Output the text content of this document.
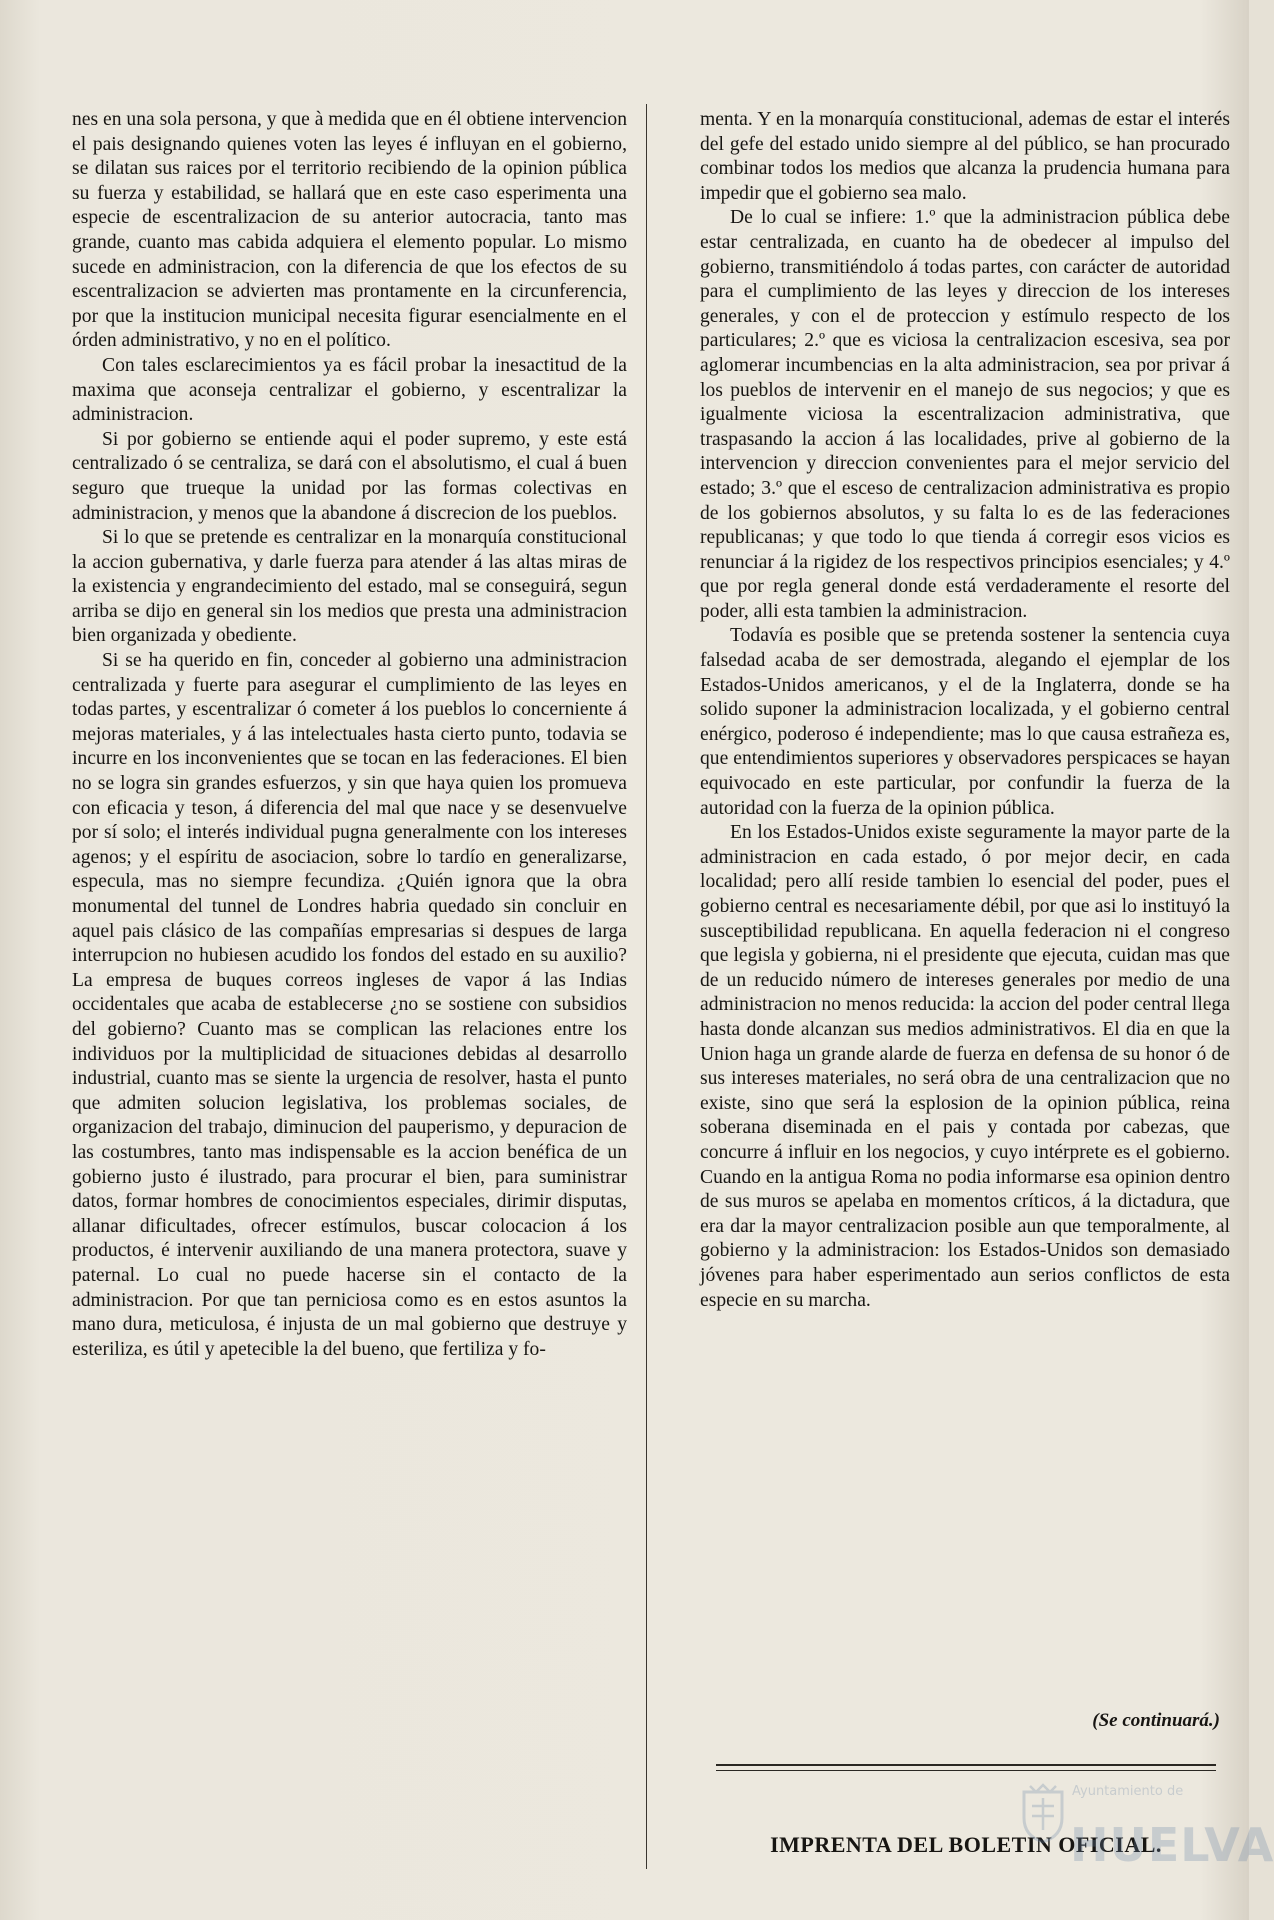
nes en una sola persona, y que à medida que en él obtiene intervencion el pais designando quienes voten las leyes é influyan en el gobierno, se dilatan sus raices por el territorio recibiendo de la opinion pública su fuerza y estabilidad, se hallará que en este caso esperimenta una especie de escentralizacion de su anterior autocracia, tanto mas grande, cuanto mas cabida adquiera el elemento popular. Lo mismo sucede en administracion, con la diferencia de que los efectos de su escentralizacion se advierten mas prontamente en la circunferencia, por que la institucion municipal necesita figurar esencialmente en el órden administrativo, y no en el político.

Con tales esclarecimientos ya es fácil probar la inesactitud de la maxima que aconseja centralizar el gobierno, y escentralizar la administracion.

Si por gobierno se entiende aqui el poder supremo, y este está centralizado ó se centraliza, se dará con el absolutismo, el cual á buen seguro que trueque la unidad por las formas colectivas en administracion, y menos que la abandone á discrecion de los pueblos.

Si lo que se pretende es centralizar en la monarquía constitucional la accion gubernativa, y darle fuerza para atender á las altas miras de la existencia y engrandecimiento del estado, mal se conseguirá, segun arriba se dijo en general sin los medios que presta una administracion bien organizada y obediente.

Si se ha querido en fin, conceder al gobierno una administracion centralizada y fuerte para asegurar el cumplimiento de las leyes en todas partes, y escentralizar ó cometer á los pueblos lo concerniente á mejoras materiales, y á las intelectuales hasta cierto punto, todavia se incurre en los inconvenientes que se tocan en las federaciones. El bien no se logra sin grandes esfuerzos, y sin que haya quien los promueva con eficacia y teson, á diferencia del mal que nace y se desenvuelve por sí solo; el interés individual pugna generalmente con los intereses agenos; y el espíritu de asociacion, sobre lo tardío en generalizarse, especula, mas no siempre fecundiza. ¿Quién ignora que la obra monumental del tunnel de Londres habria quedado sin concluir en aquel pais clásico de las compañías empresarias si despues de larga interrupcion no hubiesen acudido los fondos del estado en su auxilio? La empresa de buques correos ingleses de vapor á las Indias occidentales que acaba de establecerse ¿no se sostiene con subsidios del gobierno? Cuanto mas se complican las relaciones entre los individuos por la multiplicidad de situaciones debidas al desarrollo industrial, cuanto mas se siente la urgencia de resolver, hasta el punto que admiten solucion legislativa, los problemas sociales, de organizacion del trabajo, diminucion del pauperismo, y depuracion de las costumbres, tanto mas indispensable es la accion benéfica de un gobierno justo é ilustrado, para procurar el bien, para suministrar datos, formar hombres de conocimientos especiales, dirimir disputas, allanar dificultades, ofrecer estímulos, buscar colocacion á los productos, é intervenir auxiliando de una manera protectora, suave y paternal. Lo cual no puede hacerse sin el contacto de la administracion. Por que tan perniciosa como es en estos asuntos la mano dura, meticulosa, é injusta de un mal gobierno que destruye y esteriliza, es útil y apetecible la del bueno, que fertiliza y fo-

menta. Y en la monarquía constitucional, ademas de estar el interés del gefe del estado unido siempre al del público, se han procurado combinar todos los medios que alcanza la prudencia humana para impedir que el gobierno sea malo.

De lo cual se infiere: 1.º que la administracion pública debe estar centralizada, en cuanto ha de obedecer al impulso del gobierno, transmitiéndolo á todas partes, con carácter de autoridad para el cumplimiento de las leyes y direccion de los intereses generales, y con el de proteccion y estímulo respecto de los particulares; 2.º que es viciosa la centralizacion escesiva, sea por aglomerar incumbencias en la alta administracion, sea por privar á los pueblos de intervenir en el manejo de sus negocios; y que es igualmente viciosa la escentralizacion administrativa, que traspasando la accion á las localidades, prive al gobierno de la intervencion y direccion convenientes para el mejor servicio del estado; 3.º que el esceso de centralizacion administrativa es propio de los gobiernos absolutos, y su falta lo es de las federaciones republicanas; y que todo lo que tienda á corregir esos vicios es renunciar á la rigidez de los respectivos principios esenciales; y 4.º que por regla general donde está verdaderamente el resorte del poder, alli esta tambien la administracion.

Todavía es posible que se pretenda sostener la sentencia cuya falsedad acaba de ser demostrada, alegando el ejemplar de los Estados-Unidos americanos, y el de la Inglaterra, donde se ha solido suponer la administracion localizada, y el gobierno central enérgico, poderoso é independiente; mas lo que causa estrañeza es, que entendimientos superiores y observadores perspicaces se hayan equivocado en este particular, por confundir la fuerza de la autoridad con la fuerza de la opinion pública.

En los Estados-Unidos existe seguramente la mayor parte de la administracion en cada estado, ó por mejor decir, en cada localidad; pero allí reside tambien lo esencial del poder, pues el gobierno central es necesariamente débil, por que asi lo instituyó la susceptibilidad republicana. En aquella federacion ni el congreso que legisla y gobierna, ni el presidente que ejecuta, cuidan mas que de un reducido número de intereses generales por medio de una administracion no menos reducida: la accion del poder central llega hasta donde alcanzan sus medios administrativos. El dia en que la Union haga un grande alarde de fuerza en defensa de su honor ó de sus intereses materiales, no será obra de una centralizacion que no existe, sino que será la esplosion de la opinion pública, reina soberana diseminada en el pais y contada por cabezas, que concurre á influir en los negocios, y cuyo intérprete es el gobierno. Cuando en la antigua Roma no podia informarse esa opinion dentro de sus muros se apelaba en momentos críticos, á la dictadura, que era dar la mayor centralizacion posible aun que temporalmente, al gobierno y la administracion: los Estados-Unidos son demasiado jóvenes para haber esperimentado aun serios conflictos de esta especie en su marcha.

(Se continuará.)
IMPRENTA DEL BOLETIN OFICIAL.
Ayuntamiento de
HUELVA
